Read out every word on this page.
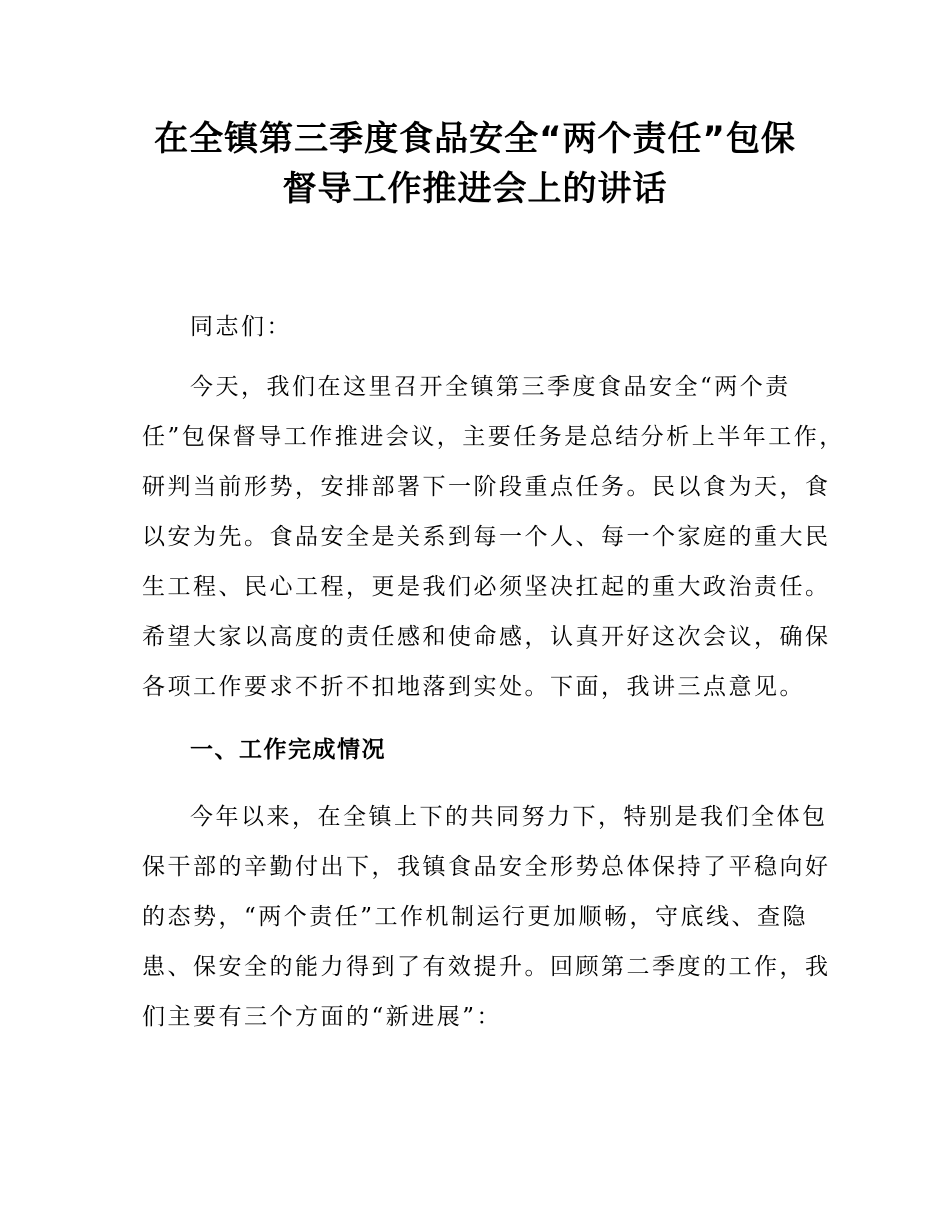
在全镇第三季度食品安全“两个责任”包保
督导工作推进会上的讲话

同志们：

今天，我们在这里召开全镇第三季度食品安全“两个责
任”包保督导工作推进会议，主要任务是总结分析上半年工作，
研判当前形势，安排部署下一阶段重点任务。民以食为天，食
以安为先。食品安全是关系到每一个人、每一个家庭的重大民
生工程、民心工程，更是我们必须坚决扛起的重大政治责任。
希望大家以高度的责任感和使命感，认真开好这次会议，确保
各项工作要求不折不扣地落到实处。下面，我讲三点意见。
一、工作完成情况
今年以来，在全镇上下的共同努力下，特别是我们全体包
保干部的辛勤付出下，我镇食品安全形势总体保持了平稳向好
的态势，“两个责任”工作机制运行更加顺畅，守底线、查隐
患、保安全的能力得到了有效提升。回顾第二季度的工作，我
们主要有三个方面的“新进展”：
